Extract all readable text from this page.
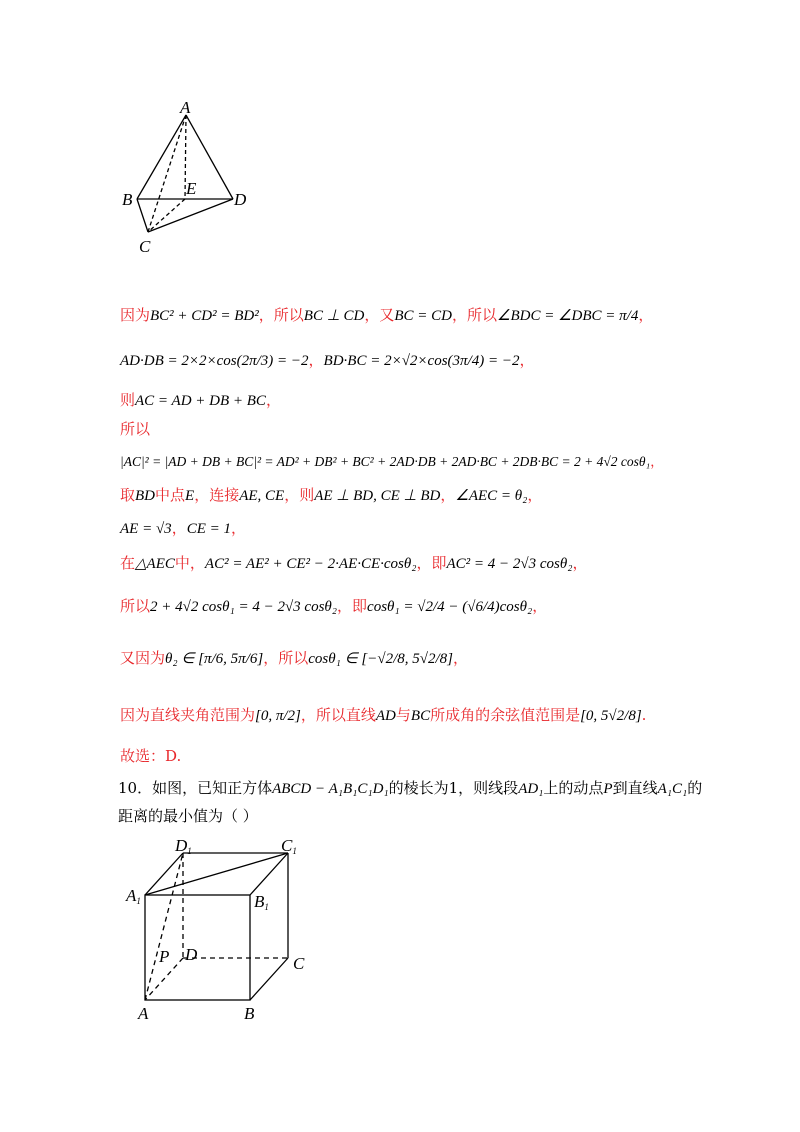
A
B	D
E
C
因为BC² + CD² = BD²，所以BC ⊥ CD，又BC = CD，所以∠BDC = ∠DBC = π/4，
AD·DB = 2×2×cos(2π/3) = −2，BD·BC = 2×√2×cos(3π/4) = −2，
则AC = AD + DB + BC，
所以
|AC|² = |AD + DB + BC|² = AD² + DB² + BC² + 2AD·DB + 2AD·BC + 2DB·BC = 2 + 4√2 cosθ₁，
取BD中点E，连接AE, CE，则AE ⊥ BD, CE ⊥ BD，∠AEC = θ₂，
AE = √3，CE = 1，
在△AEC中，AC² = AE² + CE² − 2·AE·CE·cosθ₂，即AC² = 4 − 2√3 cosθ₂，
所以2 + 4√2 cosθ₁ = 4 − 2√3 cosθ₂，即cosθ₁ = √2/4 − (√6/4)cosθ₂，
又因为θ₂ ∈ [π/6, 5π/6]，所以cosθ₁ ∈ [−√2/8, 5√2/8]，
因为直线夹角范围为[0, π/2]，所以直线AD与BC所成角的余弦值范围是[0, 5√2/8].
故选：D.
10．如图，已知正方体ABCD − A₁B₁C₁D₁的棱长为1，则线段AD₁上的动点P到直线A₁C₁的
距离的最小值为（ ）
D1	C1
A1	B1
D
P	C
A	B
